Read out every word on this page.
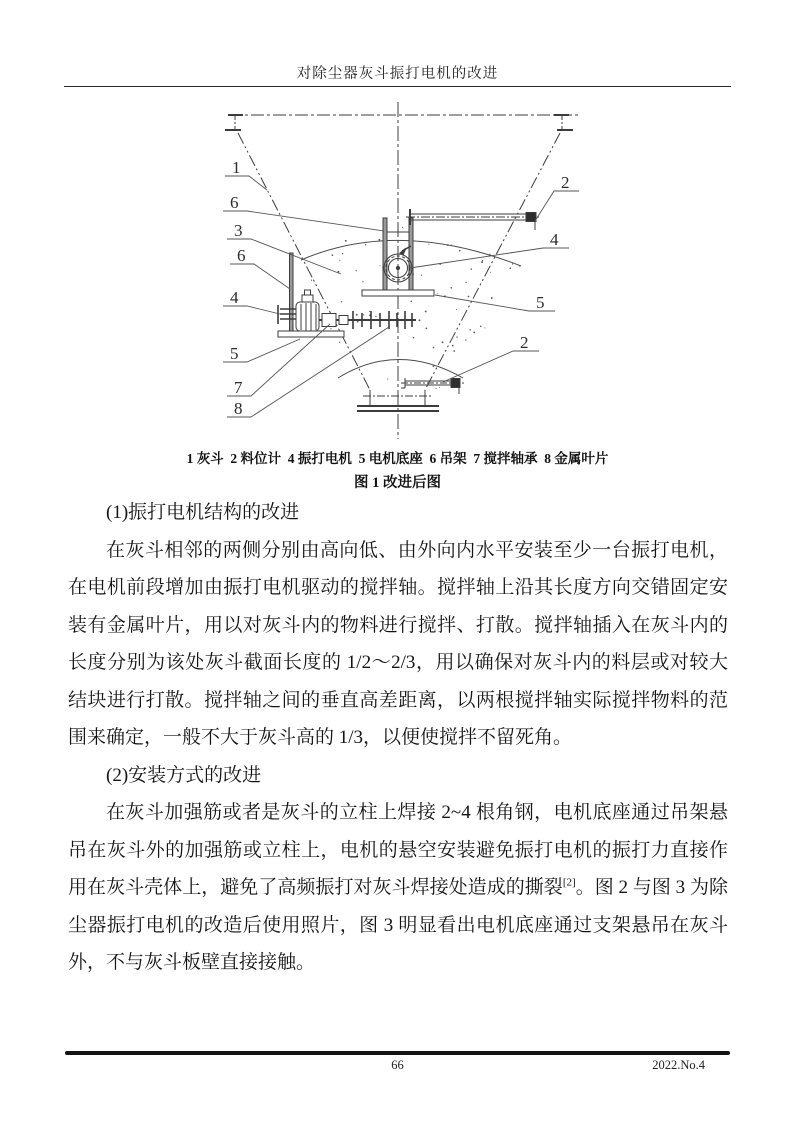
对除尘器灰斗振打电机的改进
1
6
3
6
4
5
7
8
2
4
5
2
1 灰斗  2 料位计  4 振打电机  5 电机底座  6 吊架  7 搅拌轴承  8 金属叶片
图 1 改进后图

(1)振打电机结构的改进

在灰斗相邻的两侧分别由高向低、由外向内水平安装至少一台振打电机，在电机前段增加由振打电机驱动的搅拌轴。搅拌轴上沿其长度方向交错固定安装有金属叶片，用以对灰斗内的物料进行搅拌、打散。搅拌轴插入在灰斗内的长度分别为该处灰斗截面长度的 1/2～2/3，用以确保对灰斗内的料层或对较大结块进行打散。搅拌轴之间的垂直高差距离，以两根搅拌轴实际搅拌物料的范围来确定，一般不大于灰斗高的 1/3，以便使搅拌不留死角。

(2)安装方式的改进

在灰斗加强筋或者是灰斗的立柱上焊接 2~4 根角钢，电机底座通过吊架悬吊在灰斗外的加强筋或立柱上，电机的悬空安装避免振打电机的振打力直接作用在灰斗壳体上，避免了高频振打对灰斗焊接处造成的撕裂[2]。图 2 与图 3 为除尘器振打电机的改造后使用照片，图 3 明显看出电机底座通过支架悬吊在灰斗外，不与灰斗板壁直接接触。

66	2022.No.4
